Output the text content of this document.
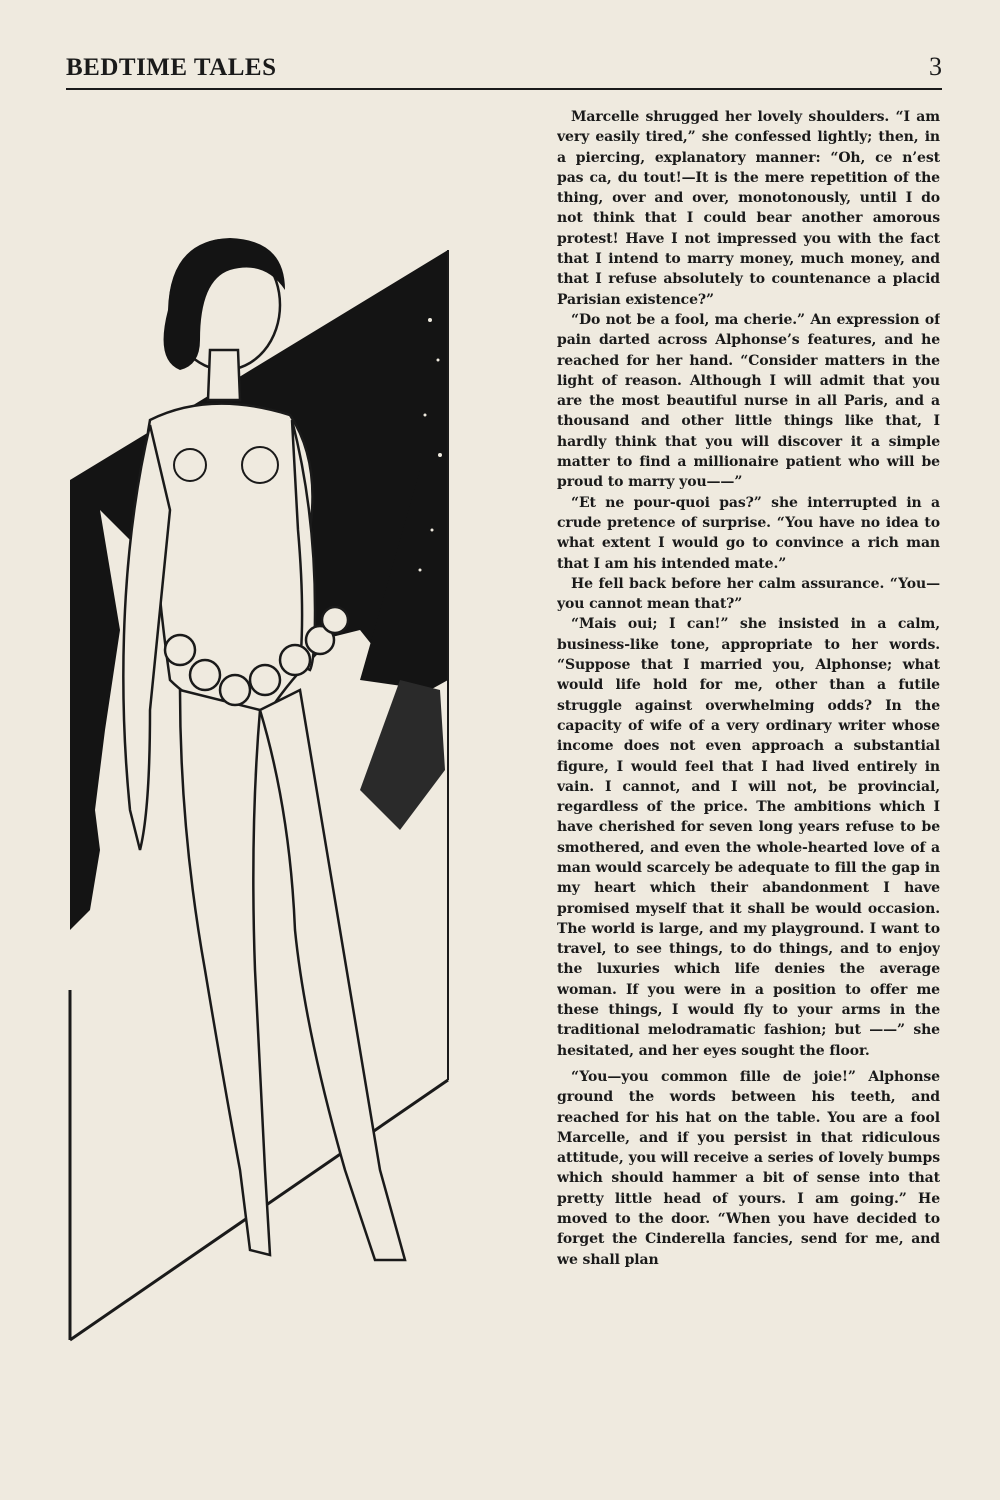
BEDTIME TALES	3

Marcelle shrugged her lovely shoulders. “I am very easily tired,” she confessed lightly; then, in a piercing, explanatory manner: “Oh, ce n’est pas ca, du tout!—It is the mere repetition of the thing, over and over, monotonously, until I do not think that I could bear another amorous protest! Have I not impressed you with the fact that I intend to marry money, much money, and that I refuse absolutely to countenance a placid Parisian existence?”

“Do not be a fool, ma cherie.” An expression of pain darted across Alphonse’s features, and he reached for her hand. “Consider matters in the light of reason. Although I will admit that you are the most beautiful nurse in all Paris, and a thousand and other little things like that, I hardly think that you will discover it a simple matter to find a millionaire patient who will be proud to marry you——”

“Et ne pour-quoi pas?” she interrupted in a crude pretence of surprise. “You have no idea to what extent I would go to convince a rich man that I am his intended mate.”

He fell back before her calm assurance. “You—you cannot mean that?”

“Mais oui; I can!” she insisted in a calm, business-like tone, appropriate to her words. “Suppose that I married you, Alphonse; what would life hold for me, other than a futile struggle against overwhelming odds? In the capacity of wife of a very ordinary writer whose income does not even approach a substantial figure, I would feel that I had lived entirely in vain. I cannot, and I will not, be provincial, regardless of the price. The ambitions which I have cherished for seven long years refuse to be smothered, and even the whole-hearted love of a man would scarcely be adequate to fill the gap in my heart which their abandonment I have promised myself that it shall be would occasion. The world is large, and my playground. I want to travel, to see things, to do things, and to enjoy the luxuries which life denies the average woman. If you were in a position to offer me these things, I would fly to your arms in the traditional melodramatic fashion; but ——” she hesitated, and her eyes sought the floor.

“You—you common fille de joie!” Alphonse ground the words between his teeth, and reached for his hat on the table. You are a fool Marcelle, and if you persist in that ridiculous attitude, you will receive a series of lovely bumps which should hammer a bit of sense into that pretty little head of yours. I am going.” He moved to the door. “When you have decided to forget the Cinderella fancies, send for me, and we shall plan
